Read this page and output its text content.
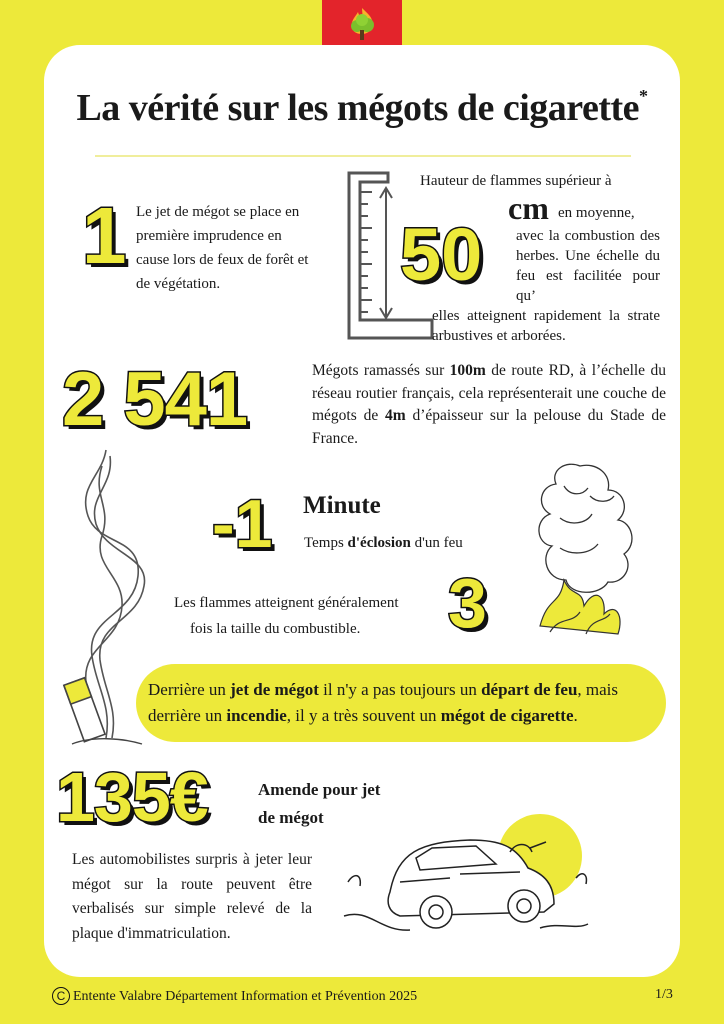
La vérité sur les mégots de cigarette*
1 Le jet de mégot se place en première imprudence en cause lors de feux de forêt et de végétation.
Hauteur de flammes supérieur à
cm en moyenne,
50 avec la combustion des herbes. Une échelle du feu est facilitée pour qu’
elles atteignent rapidement la strate arbustives et arborées.
2 541	Mégots ramassés sur 100m de route RD, à l’échelle du réseau routier français, cela représenterait une couche de mégots de 4m d’épaisseur sur la pelouse du Stade de France.
-1 Minute
Temps d'éclosion d'un feu
Les flammes atteignent généralement
fois la taille du combustible. 3
Derrière un jet de mégot il n'y a pas toujours un départ de feu, mais derrière un incendie, il y a très souvent un mégot de cigarette.
135€	Amende pour jet
de mégot
Les automobilistes surpris à jeter leur mégot sur la route peuvent être verbalisés sur simple relevé de la plaque d'immatriculation.
C Entente Valabre Département Information et Prévention 2025	1/3
